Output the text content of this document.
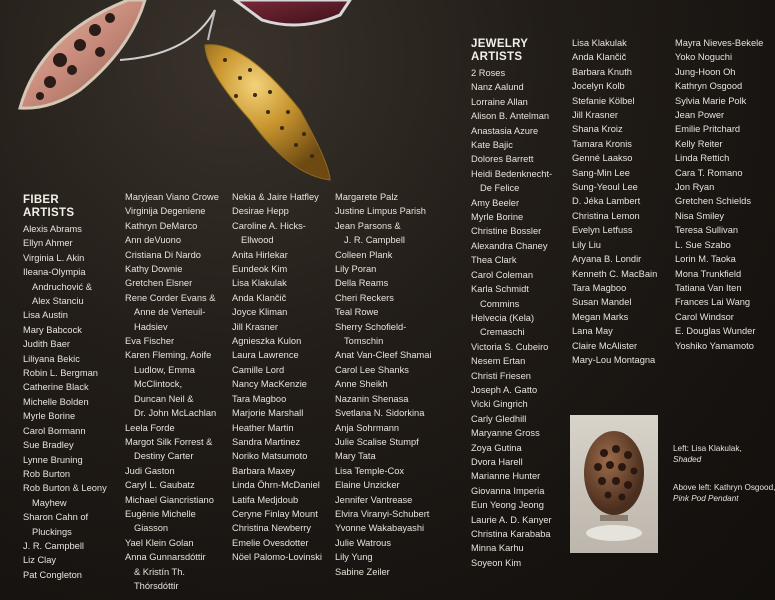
FIBER
ARTISTS
JEWELRY
ARTISTS
Alexis Abrams
Ellyn Ahmer
Virginia L. Akin
Ileana-Olympia
Andruchović &
Alex Stanciu
Lisa Austin
Mary Babcock
Judith Baer
Liliyana Bekic
Robin L. Bergman
Catherine Black
Michelle Bolden
Myrle Borine
Carol Bormann
Sue Bradley
Lynne Bruning
Rob Burton
Rob Burton & Leony
Mayhew
Sharon Cahn of
Pluckings
J. R. Campbell
Liz Clay
Pat Congleton
Maryjean Viano Crowe
Virginija Degeniene
Kathryn DeMarco
Ann deVuono
Cristiana Di Nardo
Kathy Downie
Gretchen Elsner
Rene Corder Evans &
Anne de Verteuil-
Hadsiev
Eva Fischer
Karen Fleming, Aoife
Ludlow, Emma
McClintock,
Duncan Neil &
Dr. John McLachlan
Leela Forde
Margot Silk Forrest &
Destiny Carter
Judi Gaston
Caryl L. Gaubatz
Michael Giancristiano
Eugènie Michelle
Giasson
Yael Klein Golan
Anna Gunnarsdóttir
& Kristín Th.
Thórsdóttir
Nekia & Jaire Hatfley
Desirae Hepp
Caroline A. Hicks-
Ellwood
Anita Hirlekar
Eundeok Kim
Lisa Klakulak
Anda Klančič
Joyce Kliman
Jill Krasner
Agnieszka Kulon
Laura Lawrence
Camille Lord
Nancy MacKenzie
Tara Magboo
Marjorie Marshall
Heather Martin
Sandra Martinez
Noriko Matsumoto
Barbara Maxey
Linda Öhrn-McDaniel
Latifa Medjdoub
Ceryne Finlay Mount
Christina Newberry
Emelie Ovesdotter
Nöel Palomo-Lovinski
Margarete Palz
Justine Limpus Parish
Jean Parsons &
J. R. Campbell
Colleen Plank
Lily Poran
Della Reams
Cheri Reckers
Teal Rowe
Sherry Schofield-
Tomschin
Anat Van-Cleef Shamai
Carol Lee Shanks
Anne Sheikh
Nazanin Shenasa
Svetlana N. Sidorkina
Anja Sohrmann
Julie Scalise Stumpf
Mary Tata
Lisa Temple-Cox
Elaine Unzicker
Jennifer Vantrease
Elvira Viranyi-Schubert
Yvonne Wakabayashi
Julie Watrous
Lily Yung
Sabine Zeiler
2 Roses
Nanz Aalund
Lorraine Allan
Alison B. Antelman
Anastasia Azure
Kate Bajic
Dolores Barrett
Heidi Bedenknecht-
De Felice
Amy Beeler
Myrle Borine
Christine Bossler
Alexandra Chaney
Thea Clark
Carol Coleman
Karla Schmidt
Commins
Helvecia (Kela)
Cremaschi
Victoria S. Cubeiro
Nesem Ertan
Christi Friesen
Joseph A. Gatto
Vicki Gingrich
Carly Gledhill
Maryanne Gross
Zoya Gutina
Dvora Harell
Marianne Hunter
Giovanna Imperia
Eun Yeong Jeong
Laurie A. D. Kanyer
Christina Karababa
Minna Karhu
Soyeon Kim
Lisa Klakulak
Anda Klančič
Barbara Knuth
Jocelyn Kolb
Stefanie Kölbel
Jill Krasner
Shana Kroiz
Tamara Kronis
Genné Laakso
Sang-Min Lee
Sung-Yeoul Lee
D. Jéka Lambert
Christina Lemon
Evelyn Letfuss
Lily Liu
Aryana B. Londir
Kenneth C. MacBain
Tara Magboo
Susan Mandel
Megan Marks
Lana May
Claire McAlister
Mary-Lou Montagna
Mayra Nieves-Bekele
Yoko Noguchi
Jung-Hoon Oh
Kathryn Osgood
Sylvia Marie Polk
Jean Power
Emilie Pritchard
Kelly Reiter
Linda Rettich
Cara T. Romano
Jon Ryan
Gretchen Schields
Nisa Smiley
Teresa Sullivan
L. Sue Szabo
Lorin M. Taoka
Mona Trunkfield
Tatiana Van Iten
Frances Lai Wang
Carol Windsor
E. Douglas Wunder
Yoshiko Yamamoto

Left: Lisa Klakulak,
Shaded

Above left: Kathryn Osgood, Pink Pod Pendant
